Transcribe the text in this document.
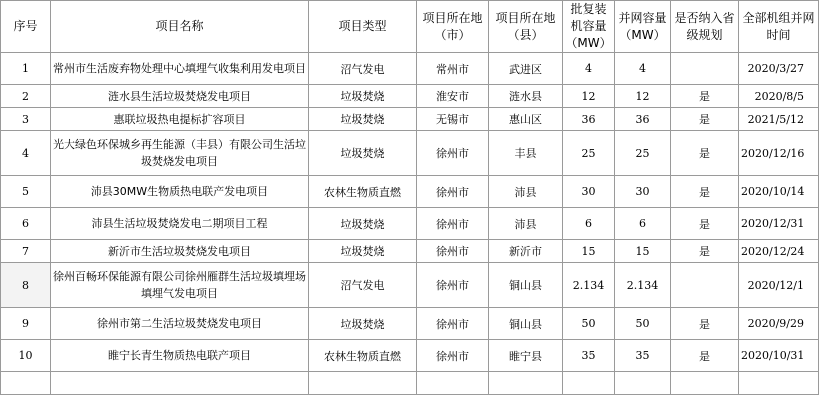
序号	项目名称	项目类型	项目所在地（市）	项目所在地（县）	批复装机容量（MW）	并网容量（MW）	是否纳入省级规划	全部机组并网时间
1	常州市生活废弃物处理中心填埋气收集利用发电项目	沼气发电	常州市	武进区	4	4		2020/3/27
2	涟水县生活垃圾焚烧发电项目	垃圾焚烧	淮安市	涟水县	12	12	是	2020/8/5
3	惠联垃圾热电提标扩容项目	垃圾焚烧	无锡市	惠山区	36	36	是	2021/5/12
4	光大绿色环保城乡再生能源（丰县）有限公司生活垃圾焚烧发电项目	垃圾焚烧	徐州市	丰县	25	25	是	2020/12/16
5	沛县30MW生物质热电联产发电项目	农林生物质直燃	徐州市	沛县	30	30	是	2020/10/14
6	沛县生活垃圾焚烧发电二期项目工程	垃圾焚烧	徐州市	沛县	6	6	是	2020/12/31
7	新沂市生活垃圾焚烧发电项目	垃圾焚烧	徐州市	新沂市	15	15	是	2020/12/24
8	徐州百畅环保能源有限公司徐州雁群生活垃圾填埋场填埋气发电项目	沼气发电	徐州市	铜山县	2.134	2.134		2020/12/1
9	徐州市第二生活垃圾焚烧发电项目	垃圾焚烧	徐州市	铜山县	50	50	是	2020/9/29
10	睢宁长青生物质热电联产项目	农林生物质直燃	徐州市	睢宁县	35	35	是	2020/10/31
